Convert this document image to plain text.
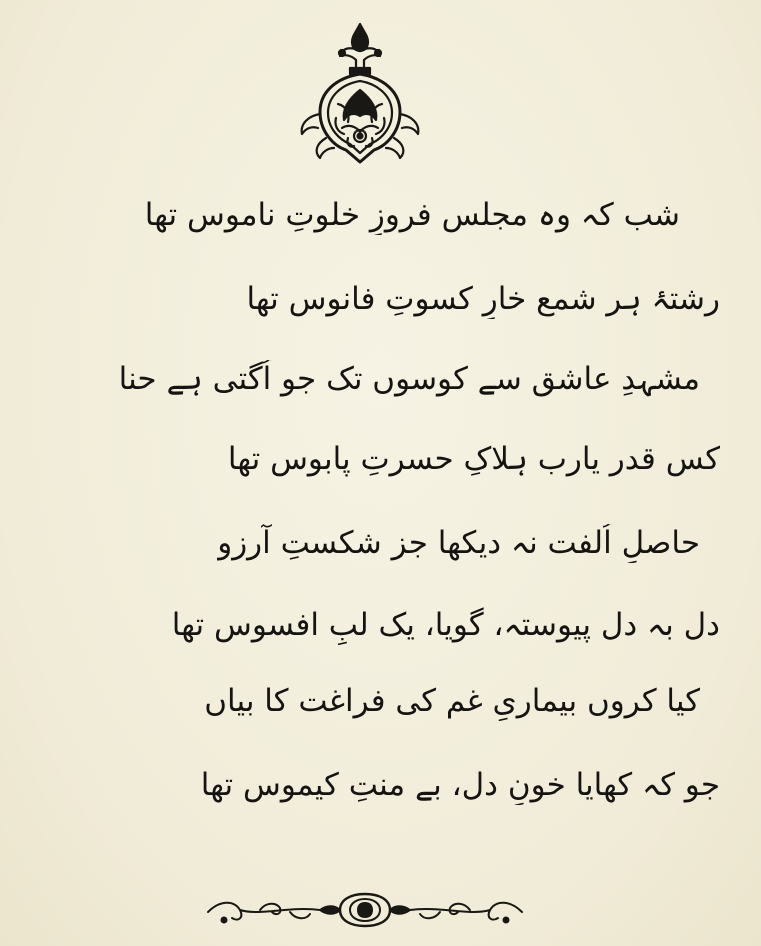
شب کہ وہ مجلس فروزِ خلوتِ ناموس تھا
رشتۂ ہر شمع خارِ کسوتِ فانوس تھا
مشہدِ عاشق سے کوسوں تک جو اُگتی ہے حنا
کس قدر یارب ہلاکِ حسرتِ پابوس تھا
حاصلِ اُلفت نہ دیکھا جز شکستِ آرزو
دل بہ دل پیوستہ، گویا، یک لبِ افسوس تھا
کیا کروں بیماریِ غم کی فراغت کا بیاں
جو کہ کھایا خونِ دل، بے منتِ کیموس تھا
